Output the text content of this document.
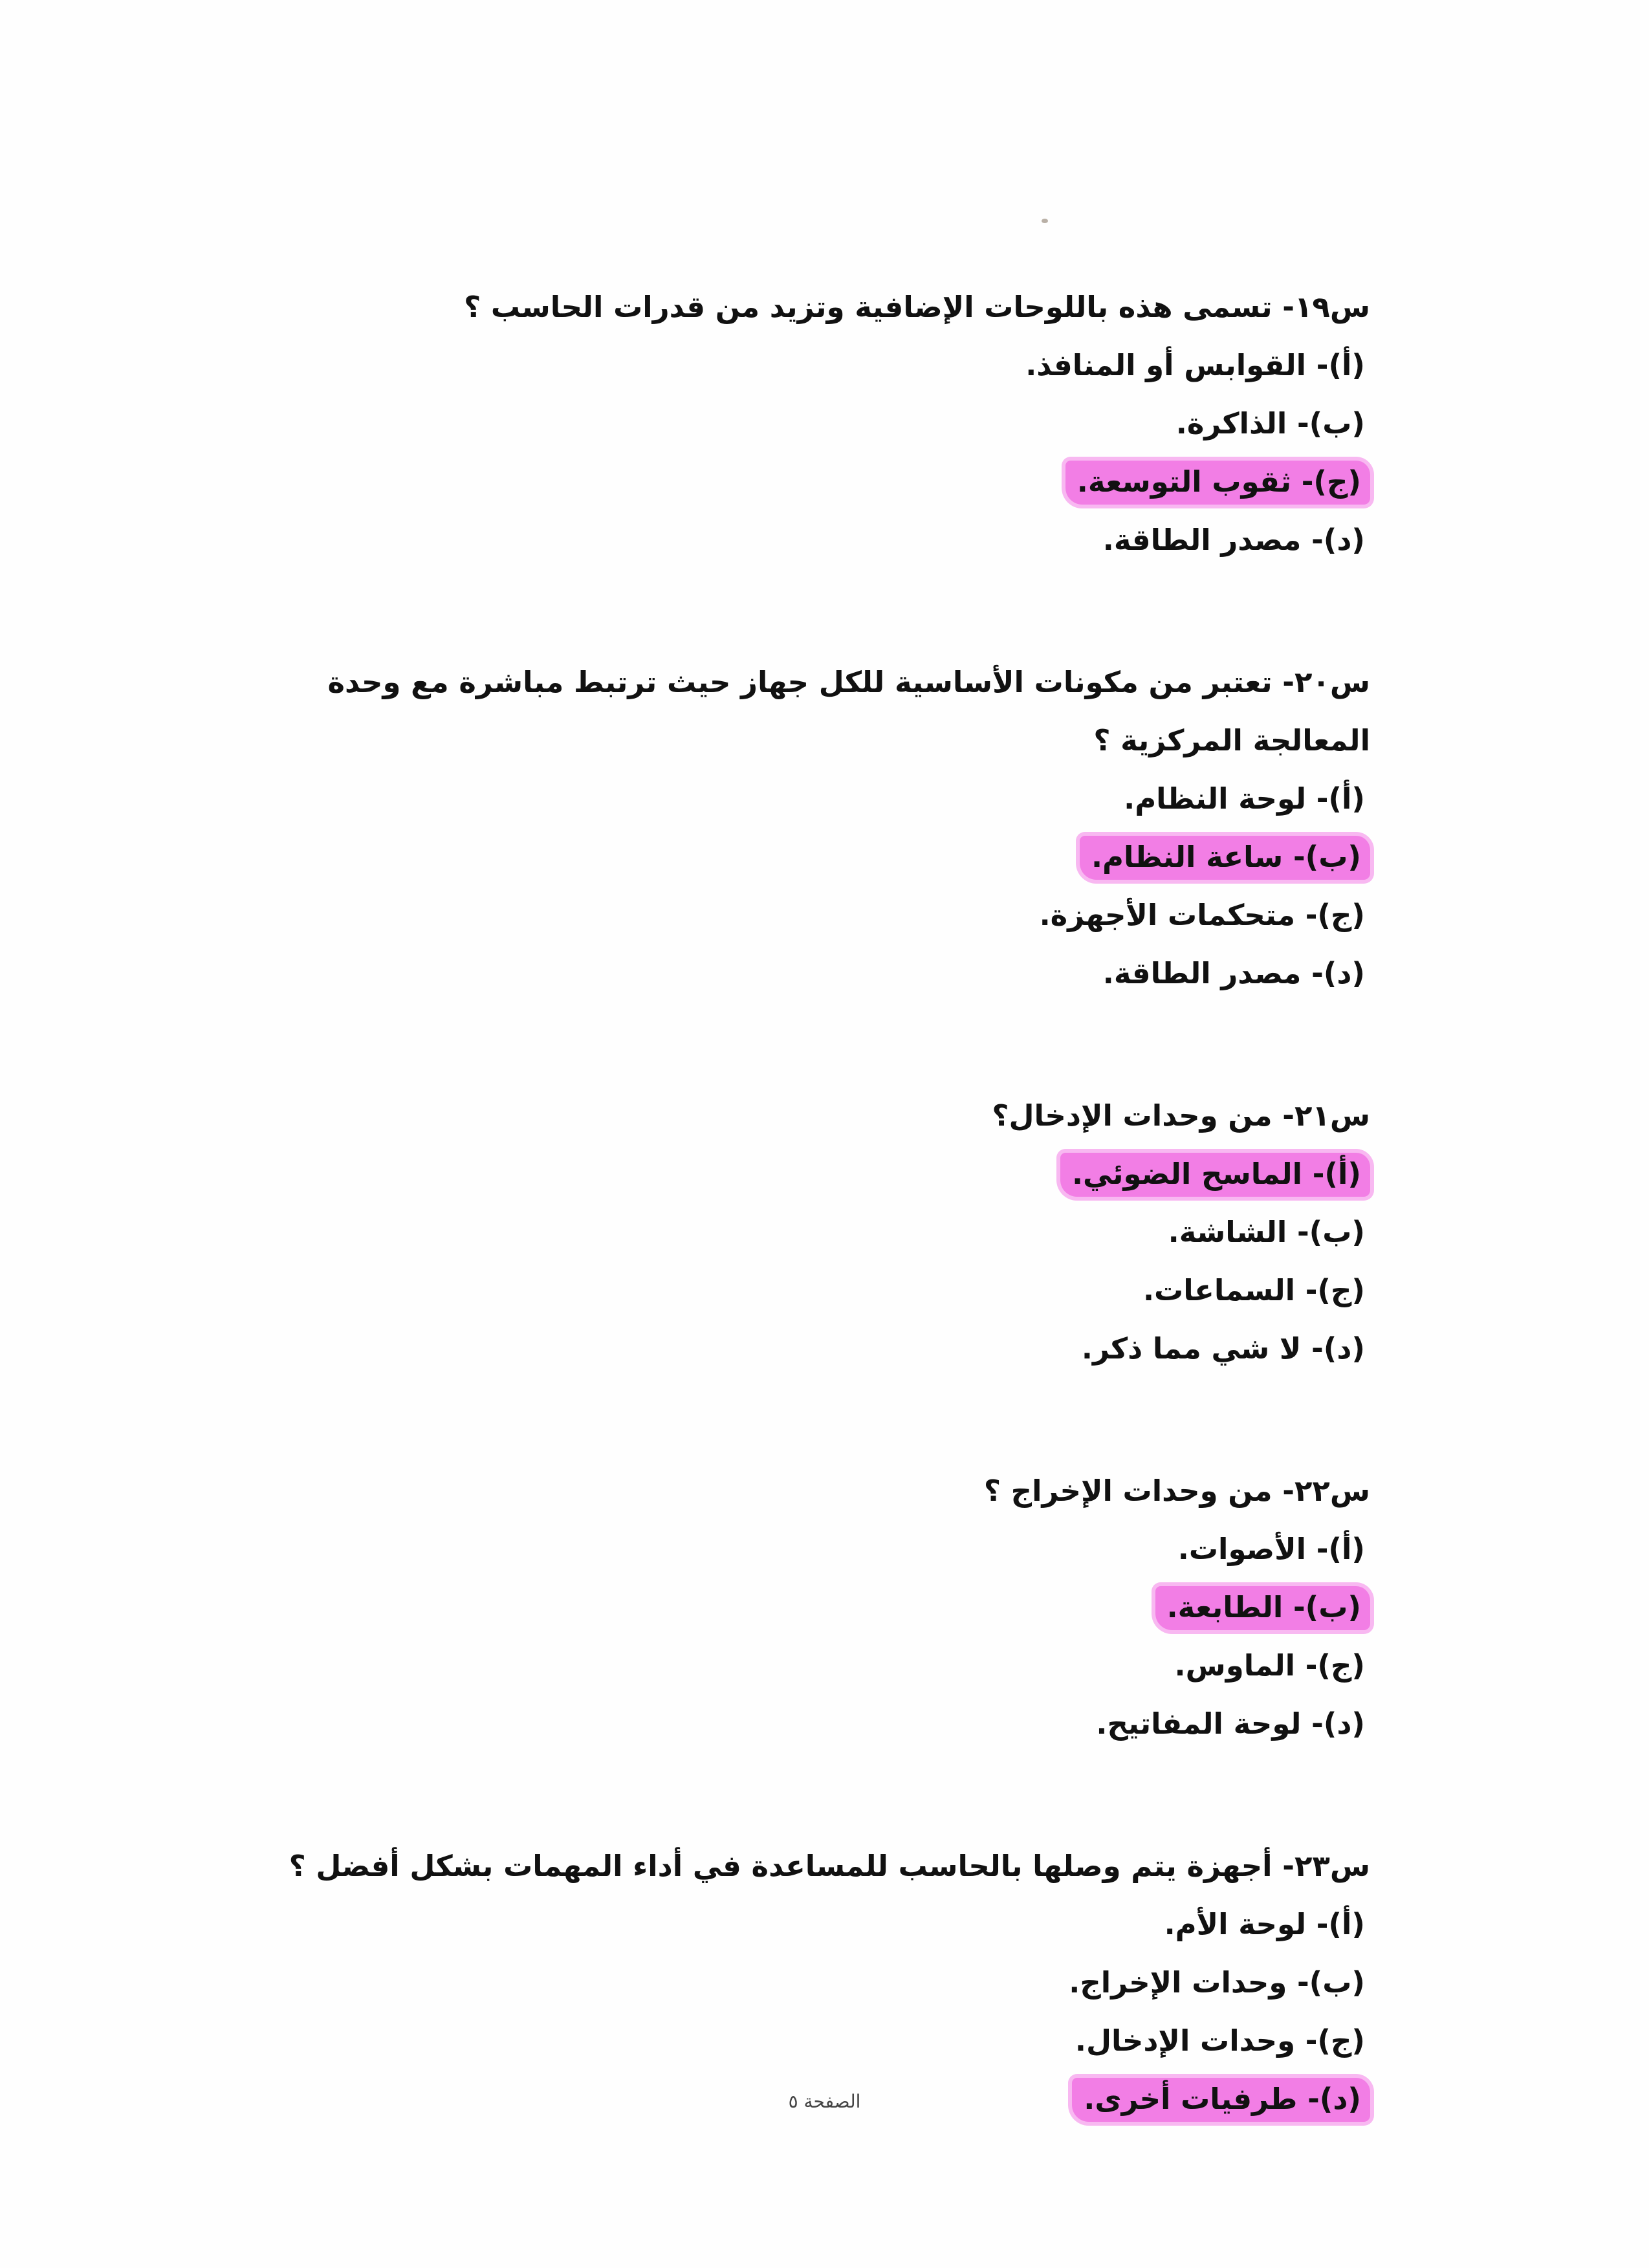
س١٩- تسمى هذه باللوحات الإضافية وتزيد من قدرات الحاسب ؟

(أ)- القوابس أو المنافذ.
(ب)- الذاكرة.
(ج)- ثقوب التوسعة.
(د)- مصدر الطاقة.

س٢٠- تعتبر من مكونات الأساسية للكل جهاز حيث ترتبط مباشرة مع وحدة المعالجة المركزية ؟

(أ)- لوحة النظام.
(ب)- ساعة النظام.
(ج)- متحكمات الأجهزة.
(د)- مصدر الطاقة.

س٢١- من وحدات الإدخال؟

(أ)- الماسح الضوئي.
(ب)- الشاشة.
(ج)- السماعات.
(د)- لا شي مما ذكر.

س٢٢- من وحدات الإخراج ؟

(أ)- الأصوات.
(ب)- الطابعة.
(ج)- الماوس.
(د)- لوحة المفاتيح.

س٢٣- أجهزة يتم وصلها بالحاسب للمساعدة في أداء المهمات بشكل أفضل ؟

(أ)- لوحة الأم.
(ب)- وحدات الإخراج.
(ج)- وحدات الإدخال.
(د)- طرفيات أخرى.
الصفحة ٥
